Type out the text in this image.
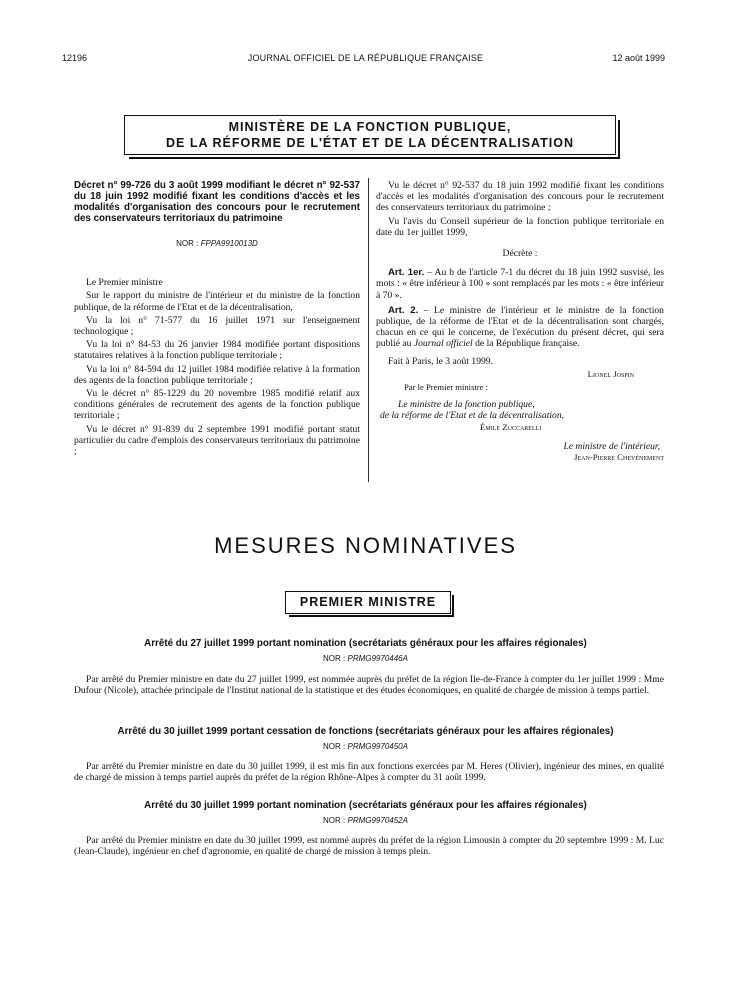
12196	JOURNAL OFFICIEL DE LA RÉPUBLIQUE FRANÇAISE	12 août 1999
MINISTÈRE DE LA FONCTION PUBLIQUE,
DE LA RÉFORME DE L'ÉTAT ET DE LA DÉCENTRALISATION

Décret n° 99-726 du 3 août 1999 modifiant le décret n° 92-537 du 18 juin 1992 modifié fixant les conditions d'accès et les modalités d'organisation des concours pour le recrutement des conservateurs territoriaux du patrimoine

NOR : FPPA9910013D

Le Premier ministre

Sur le rapport du ministre de l'intérieur et du ministre de la fonction publique, de la réforme de l'Etat et de la décentralisation,

Vu la loi n° 71-577 du 16 juillet 1971 sur l'enseignement technologique ;

Vu la loi n° 84-53 du 26 janvier 1984 modifiée portant dispositions statutaires relatives à la fonction publique territoriale ;

Vu la loi n° 84-594 du 12 juillet 1984 modifiée relative à la formation des agents de la fonction publique territoriale ;

Vu le décret n° 85-1229 du 20 novembre 1985 modifié relatif aux conditions générales de recrutement des agents de la fonction publique territoriale ;

Vu le décret n° 91-839 du 2 septembre 1991 modifié portant statut particulier du cadre d'emplois des conservateurs territoriaux du patrimoine ;

Vu le décret n° 92-537 du 18 juin 1992 modifié fixant les conditions d'accès et les modalités d'organisation des concours pour le recrutement des conservateurs territoriaux du patrimoine ;

Vu l'avis du Conseil supérieur de la fonction publique territoriale en date du 1er juillet 1999,

Décrète :

Art. 1er. – Au b de l'article 7-1 du décret du 18 juin 1992 susvisé, les mots : « être inférieur à 100 » sont remplacés par les mots : « être inférieur à 70 ».

Art. 2. – Le ministre de l'intérieur et le ministre de la fonction publique, de la réforme de l'Etat et de la décentralisation sont chargés, chacun en ce qui le concerne, de l'exécution du présent décret, qui sera publié au Journal officiel de la République française.

Fait à Paris, le 3 août 1999.

Lionel Jospin

Par le Premier ministre :

Le ministre de la fonction publique,

de la réforme de l'Etat et de la décentralisation,

Émile Zuccarelli

Le ministre de l'intérieur,

Jean-Pierre Chevènement

MESURES NOMINATIVES
PREMIER MINISTRE
Arrêté du 27 juillet 1999 portant nomination (secrétariats généraux pour les affaires régionales)
NOR : PRMG9970446A
Par arrêté du Premier ministre en date du 27 juillet 1999, est nommée auprès du préfet de la région Ile-de-France à compter du 1er juillet 1999 : Mme Dufour (Nicole), attachée principale de l'Institut national de la statistique et des études économiques, en qualité de chargée de mission à temps partiel.
Arrêté du 30 juillet 1999 portant cessation de fonctions (secrétariats généraux pour les affaires régionales)
NOR : PRMG9970450A
Par arrêté du Premier ministre en date du 30 juillet 1999, il est mis fin aux fonctions exercées par M. Heres (Olivier), ingénieur des mines, en qualité de chargé de mission à temps partiel auprès du préfet de la région Rhône-Alpes à compter du 31 août 1999.
Arrêté du 30 juillet 1999 portant nomination (secrétariats généraux pour les affaires régionales)
NOR : PRMG9970452A
Par arrêté du Premier ministre en date du 30 juillet 1999, est nommé auprès du préfet de la région Limousin à compter du 20 septembre 1999 : M. Luc (Jean-Claude), ingénieur en chef d'agronomie, en qualité de chargé de mission à temps plein.
